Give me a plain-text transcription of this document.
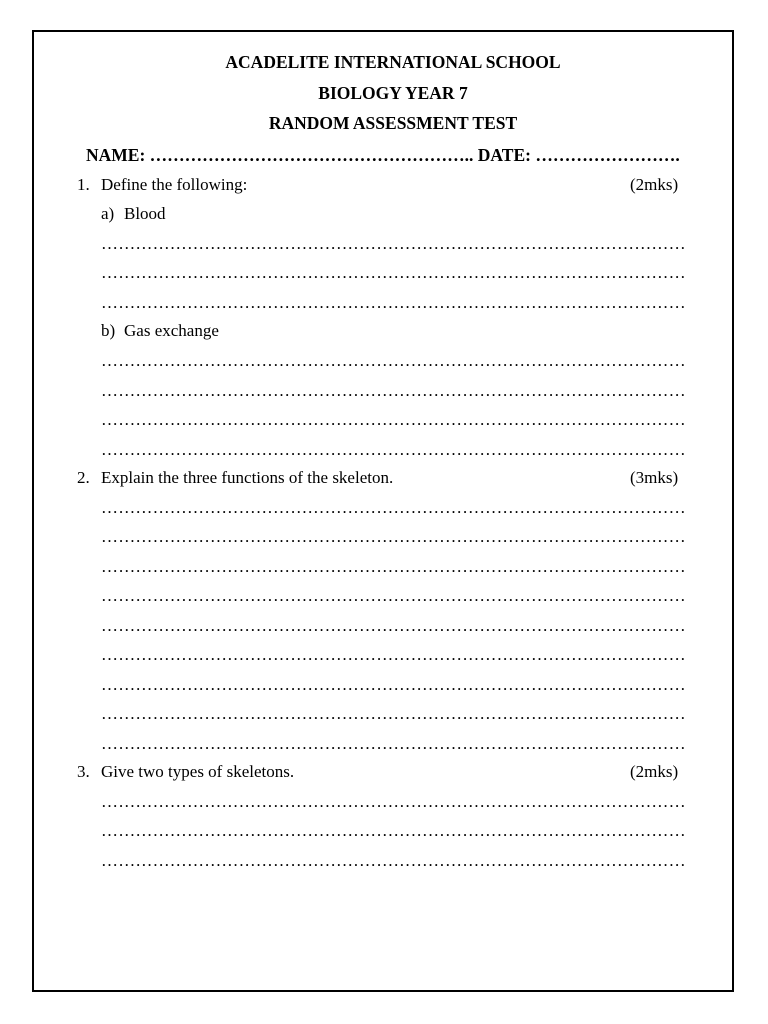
ACADELITE INTERNATIONAL SCHOOL
BIOLOGY YEAR 7
RANDOM ASSESSMENT TEST
NAME: ……………………………………………….. DATE: …………………….
1. Define the following:	(2mks)
a) Blood
…………………………………………………………………………………………
…………………………………………………………………………………………
…………………………………………………………………………………………
b) Gas exchange
…………………………………………………………………………………………
…………………………………………………………………………………………
…………………………………………………………………………………………
…………………………………………………………………………………………
2. Explain the three functions of the skeleton.	(3mks)
…………………………………………………………………………………………
…………………………………………………………………………………………
…………………………………………………………………………………………
…………………………………………………………………………………………
…………………………………………………………………………………………
…………………………………………………………………………………………
…………………………………………………………………………………………
…………………………………………………………………………………………
…………………………………………………………………………………………
3. Give two types of skeletons.	(2mks)
…………………………………………………………………………………………
…………………………………………………………………………………………
…………………………………………………………………………………………
